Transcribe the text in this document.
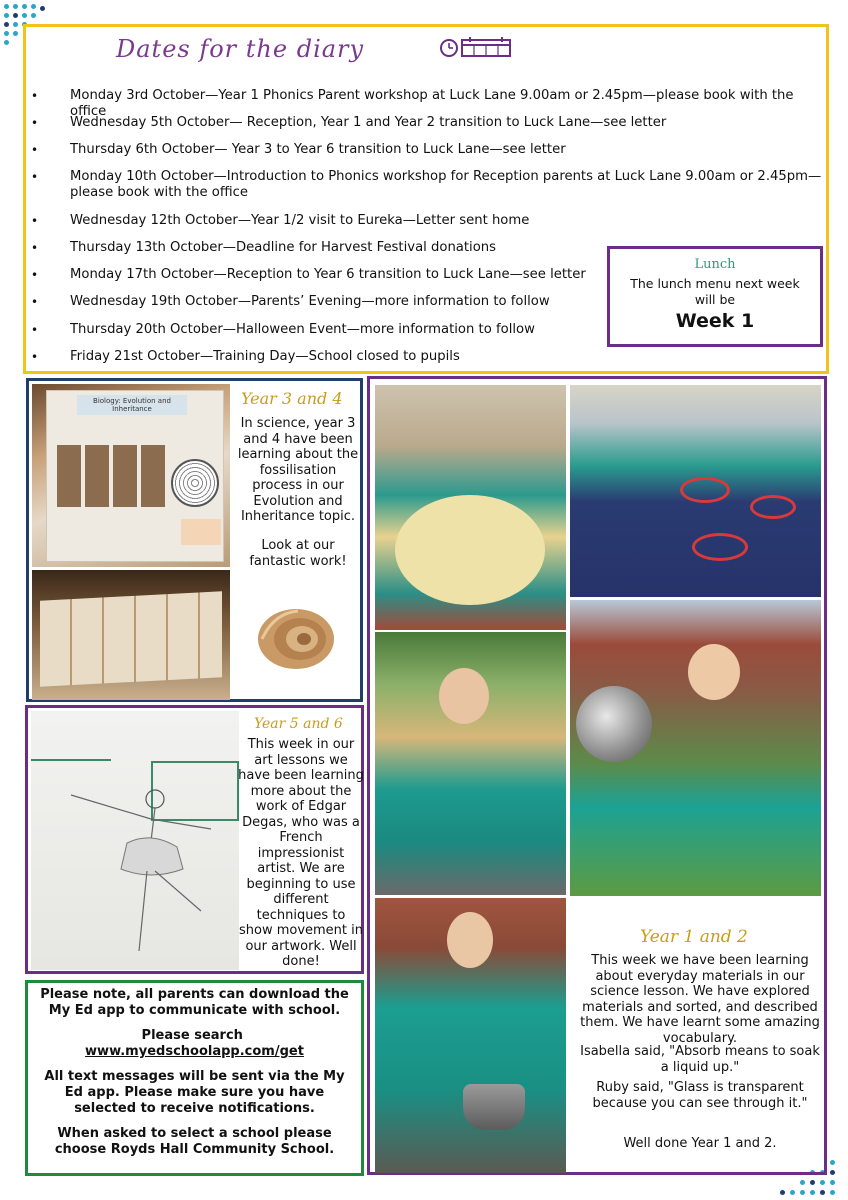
Dates for the diary
• Monday 3rd October—Year 1 Phonics Parent workshop at Luck Lane 9.00am or 2.45pm—please book with the office
• Wednesday 5th October— Reception, Year 1 and Year 2 transition to Luck Lane—see letter
• Thursday 6th October— Year 3 to Year 6 transition to Luck Lane—see letter
• Monday 10th October—Introduction to Phonics workshop for Reception parents at Luck Lane 9.00am or 2.45pm—please book with the office
• Wednesday 12th October—Year 1/2 visit to Eureka—Letter sent home
• Thursday 13th October—Deadline for Harvest Festival donations
• Monday 17th October—Reception to Year 6 transition to Luck Lane—see letter
• Wednesday 19th October—Parents’ Evening—more information to follow
• Thursday 20th October—Halloween Event—more information to follow
• Friday 21st October—Training Day—School closed to pupils
Lunch
The lunch menu next week will be
Week 1
Biology: Evolution and Inheritance
Year 3 and 4
In science, year 3 and 4 have been learning about the fossilisation process in our Evolution and Inheritance topic.
Look at our fantastic work!
Year 5 and 6
This week in our art lessons we have been learning more about the work of Edgar Degas, who was a French impressionist artist. We are beginning to use different techniques to show movement in our artwork. Well done!

Please note, all parents can download the My Ed app to communicate with school.

Please search  www.myedschoolapp.com/get

All text messages will be sent via the My Ed app. Please make sure you have selected to receive notifications.

When asked to select a school please choose Royds Hall Community School.

Year 1 and 2
This week we have been learning about everyday materials in our science lesson. We have explored materials and sorted, and described them. We have learnt some amazing vocabulary.
Isabella said, "Absorb means to soak a liquid up."
Ruby said, "Glass is transparent because you can see through it."
Well done Year 1 and 2.
